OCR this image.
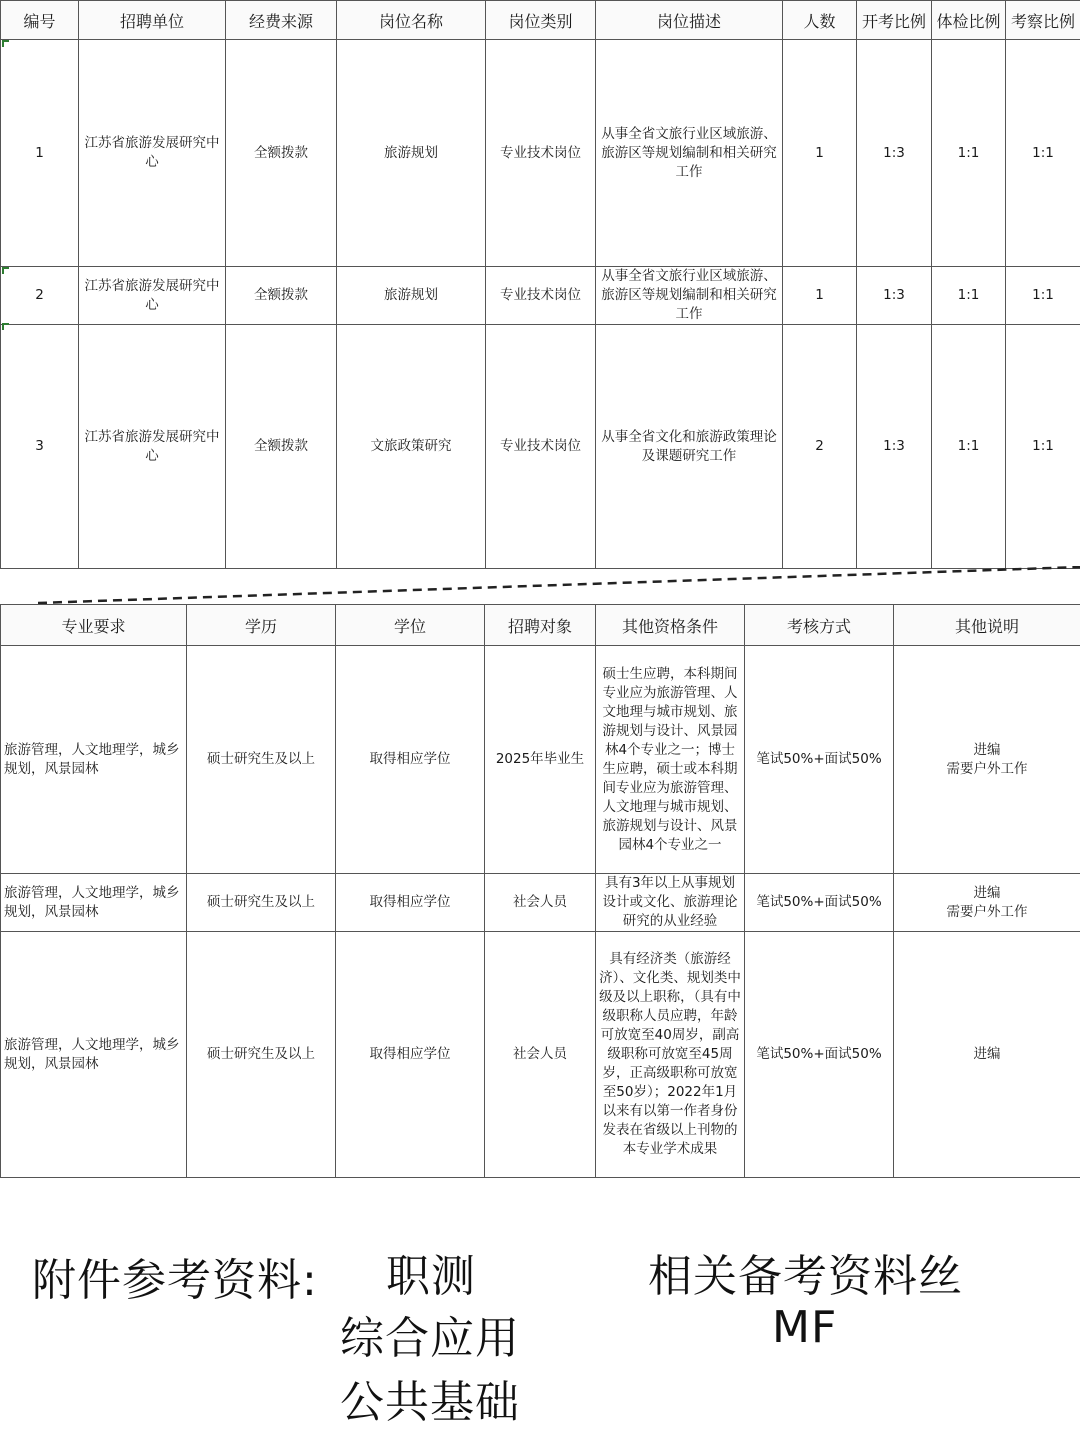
编号	招聘单位	经费来源	岗位名称	岗位类别	岗位描述	人数	开考比例	体检比例	考察比例
1	江苏省旅游发展研究中心	全额拨款	旅游规划	专业技术岗位	从事全省文旅行业区域旅游、旅游区等规划编制和相关研究工作	1	1:3	1:1	1:1
2	江苏省旅游发展研究中心	全额拨款	旅游规划	专业技术岗位	从事全省文旅行业区域旅游、旅游区等规划编制和相关研究工作	1	1:3	1:1	1:1
3	江苏省旅游发展研究中心	全额拨款	文旅政策研究	专业技术岗位	从事全省文化和旅游政策理论及课题研究工作	2	1:3	1:1	1:1
专业要求	学历	学位	招聘对象	其他资格条件	考核方式	其他说明
旅游管理，人文地理学，城乡规划，风景园林	硕士研究生及以上	取得相应学位	2025年毕业生	硕士生应聘，本科期间专业应为旅游管理、人文地理与城市规划、旅游规划与设计、风景园林4个专业之一；博士生应聘，硕士或本科期间专业应为旅游管理、人文地理与城市规划、旅游规划与设计、风景园林4个专业之一	笔试50%+面试50%	进编
需要户外工作

旅游管理，人文地理学，城乡规划，风景园林	硕士研究生及以上	取得相应学位	社会人员	具有3年以上从事规划设计或文化、旅游理论研究的从业经验	笔试50%+面试50%	进编
需要户外工作

旅游管理，人文地理学，城乡规划，风景园林	硕士研究生及以上	取得相应学位	社会人员	具有经济类（旅游经济）、文化类、规划类中级及以上职称，（具有中级职称人员应聘，年龄可放宽至40周岁，副高级职称可放宽至45周岁，正高级职称可放宽至50岁）；2022年1月以来有以第一作者身份发表在省级以上刊物的本专业学术成果	笔试50%+面试50%	进编
附件参考资料: 职测
综合应用
公共基础
相关备考资料丝
MF
